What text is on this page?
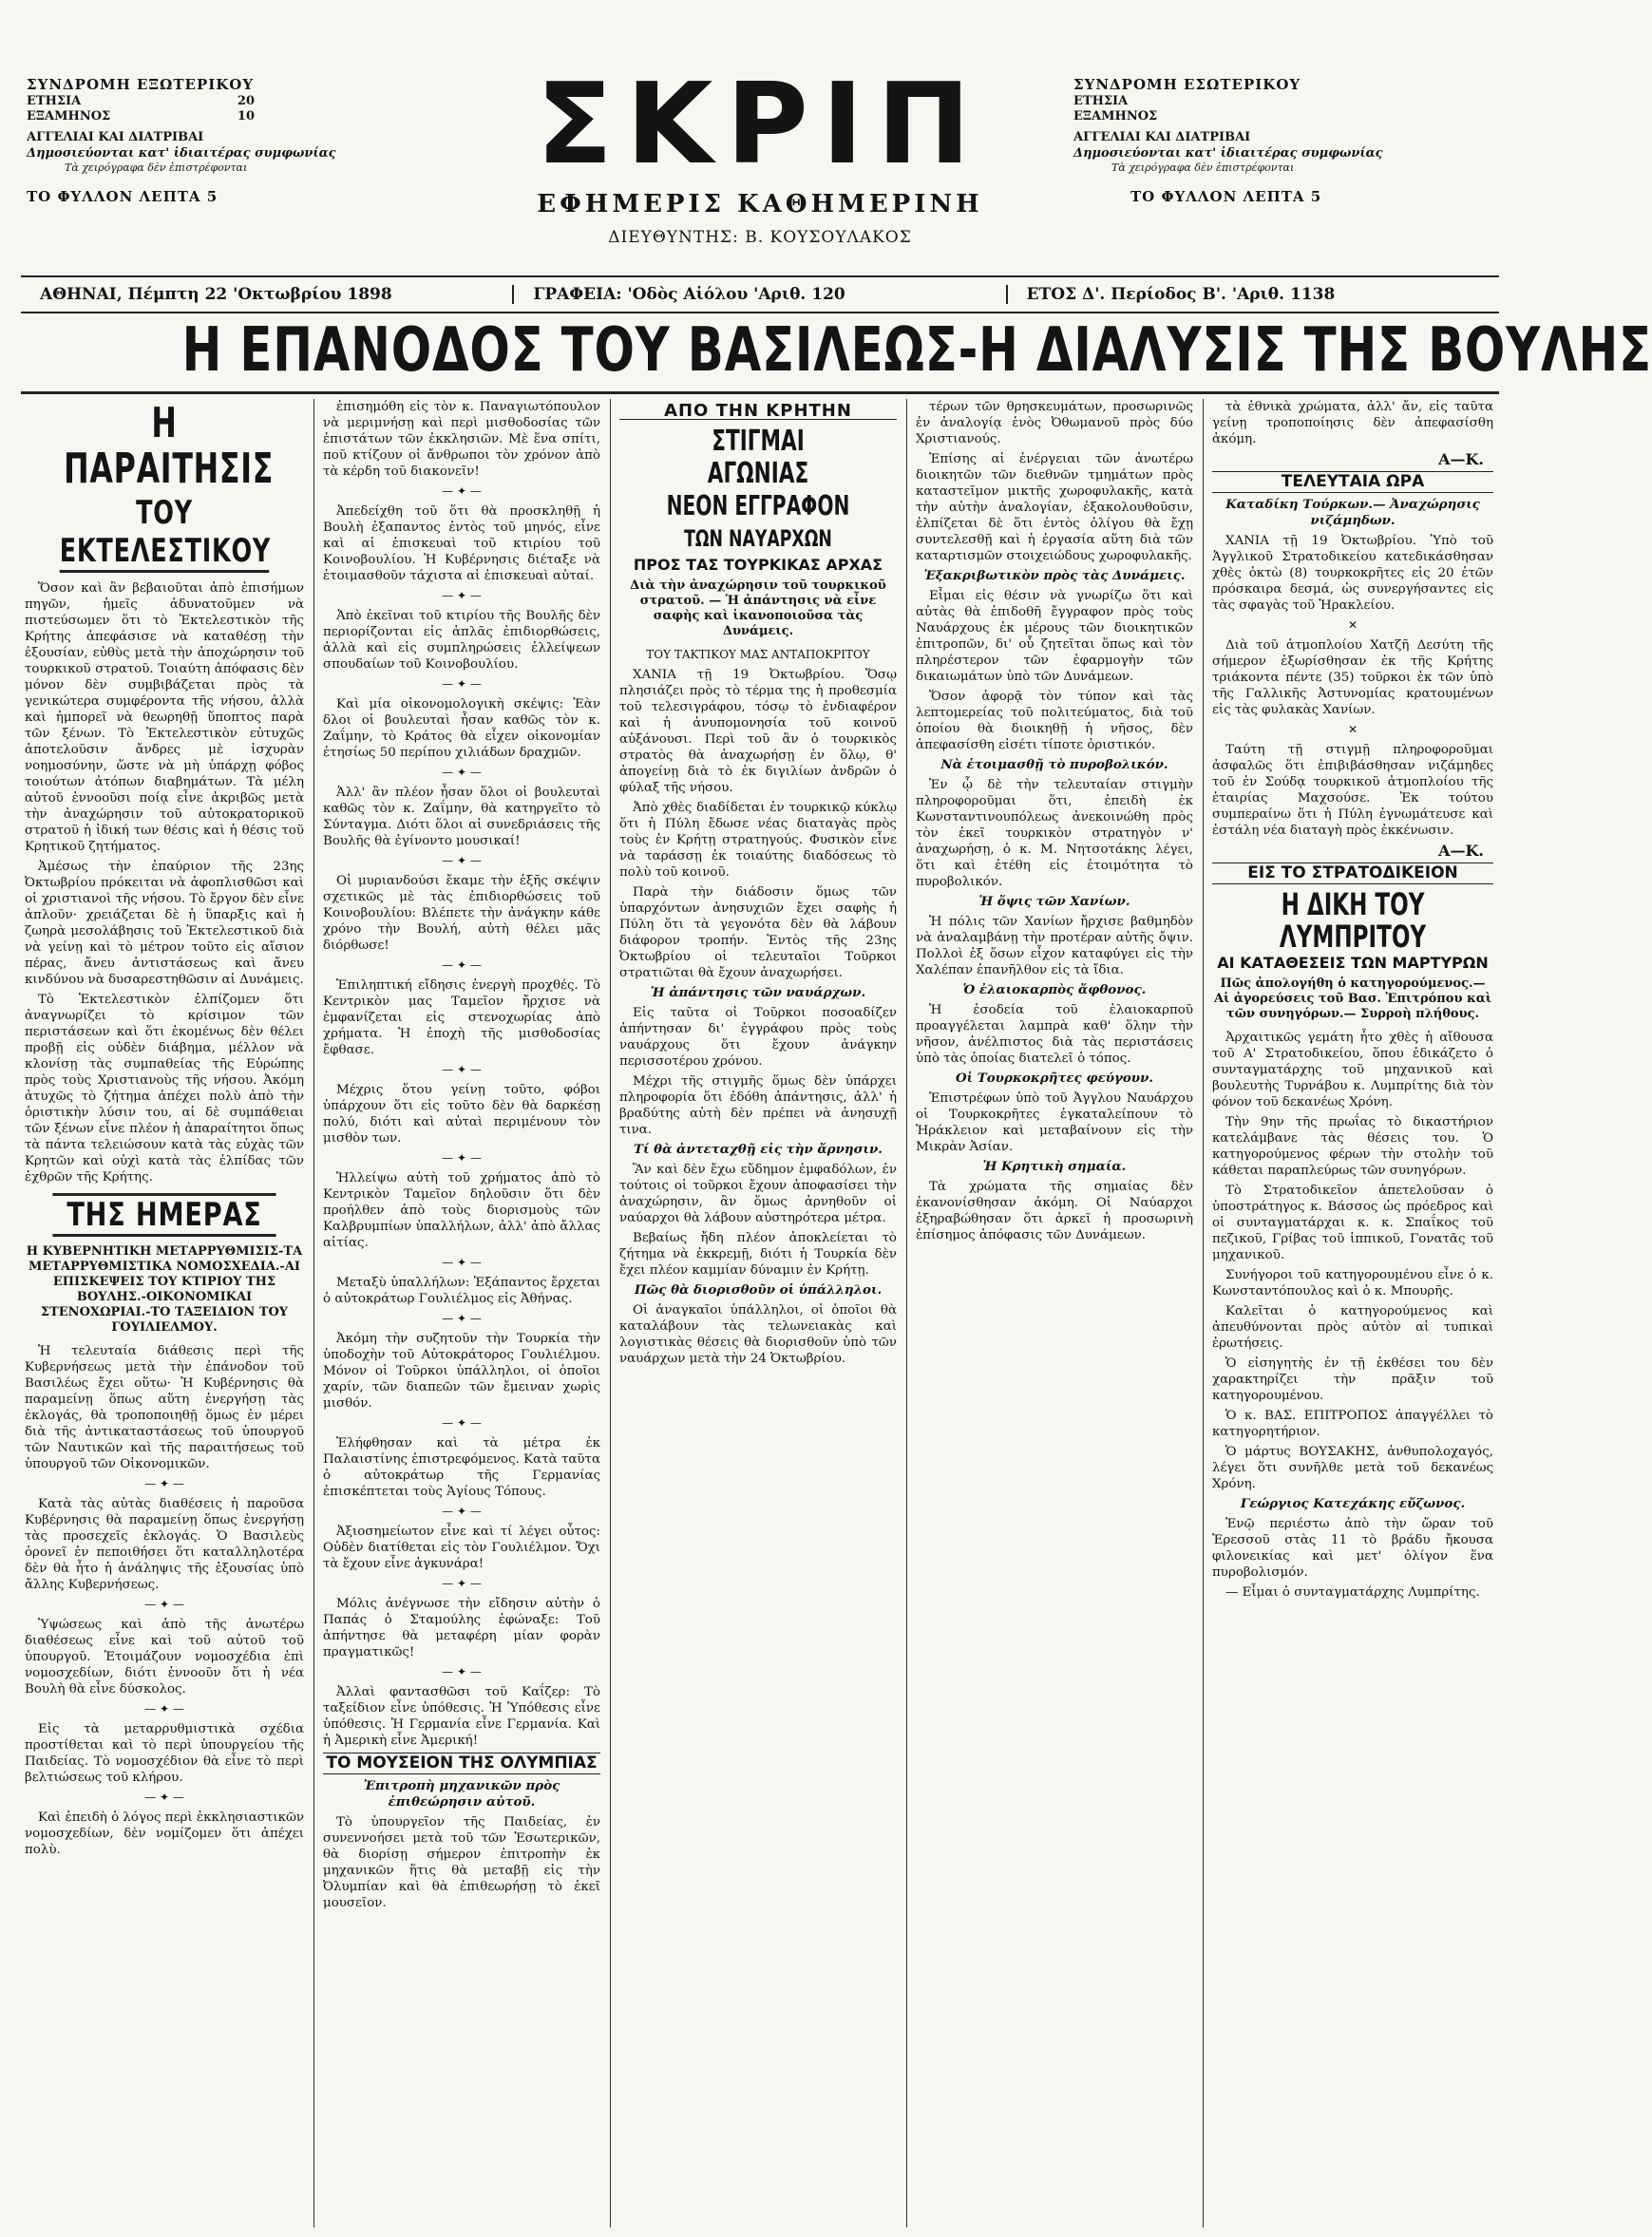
ΣΥΝΔΡΟΜΗ ΕΞΩΤΕΡΙΚΟΥ
ΕΤΗΣΙΑ	20
ΕΞΑΜΗΝΟΣ	10
ΑΓΓΕΛΙΑΙ ΚΑΙ ΔΙΑΤΡΙΒΑΙ
Δημοσιεύονται κατ' ἰδιαιτέρας συμφωνίας
Τὰ χειρόγραφα δὲν ἐπιστρέφονται
ΤΟ ΦΥΛΛΟΝ ΛΕΠΤΑ 5
ΣΥΝΔΡΟΜΗ ΕΣΩΤΕΡΙΚΟΥ
ΕΤΗΣΙΑ
ΕΞΑΜΗΝΟΣ
ΑΓΓΕΛΙΑΙ ΚΑΙ ΔΙΑΤΡΙΒΑΙ
Δημοσιεύονται κατ' ἰδιαιτέρας συμφωνίας
Τὰ χειρόγραφα δὲν ἐπιστρέφονται
ΤΟ ΦΥΛΛΟΝ ΛΕΠΤΑ 5
ΣΚΡΙΠ
ΕΦΗΜΕΡΙΣ ΚΑΘΗΜΕΡΙΝΗ
ΔΙΕΥΘΥΝΤΗΣ: Β. ΚΟΥΣΟΥΛΑΚΟΣ
ΑΘΗΝΑΙ, Πέμπτη 22 'Οκτωβρίου 1898	ΓΡΑΦΕΙΑ: 'Οδὸς Αἰόλου 'Αριθ. 120	ΕΤΟΣ Δ'. Περίοδος Β'. 'Αριθ. 1138
Η ΕΠΑΝΟΔΟΣ ΤΟΥ ΒΑΣΙΛΕΩΣ-Η ΔΙΑΛΥΣΙΣ ΤΗΣ ΒΟΥΛΗΣ
Η ΠΑΡΑΙΤΗΣΙΣ
ΤΟΥ ΕΚΤΕΛΕΣΤΙΚΟΥ

Ὅσον καὶ ἂν βεβαιοῦται ἀπὸ ἐπισήμων πηγῶν, ἡμεῖς ἀδυνατοῦμεν νὰ πιστεύσωμεν ὅτι τὸ Ἐκτελεστικὸν τῆς Κρήτης ἀπεφάσισε νὰ καταθέσῃ τὴν ἐξουσίαν, εὐθὺς μετὰ τὴν ἀποχώρησιν τοῦ τουρκικοῦ στρατοῦ. Τοιαύτη ἀπόφασις δὲν μόνον δὲν συμβιβάζεται πρὸς τὰ γενικώτερα συμφέροντα τῆς νήσου, ἀλλὰ καὶ ἠμπορεῖ νὰ θεωρηθῇ ὕποπτος παρὰ τῶν ξένων. Τὸ Ἐκτελεστικὸν εὐτυχῶς ἀποτελοῦσιν ἄνδρες μὲ ἰσχυρὰν νοημοσύνην, ὥστε νὰ μὴ ὑπάρχῃ φόβος τοιούτων ἀτόπων διαβημάτων. Τὰ μέλη αὐτοῦ ἐννοοῦσι ποίᾳ εἶνε ἀκριβῶς μετὰ τὴν ἀναχώρησιν τοῦ αὐτοκρατορικοῦ στρατοῦ ἡ ἰδική των θέσις καὶ ἡ θέσις τοῦ Κρητικοῦ ζητήματος.

Ἀμέσως τὴν ἐπαύριον τῆς 23ης Ὀκτωβρίου πρόκειται νὰ ἀφοπλισθῶσι καὶ οἱ χριστιανοὶ τῆς νήσου. Τὸ ἔργον δὲν εἶνε ἁπλοῦν· χρειάζεται δὲ ἡ ὕπαρξις καὶ ἡ ζωηρὰ μεσολάβησις τοῦ Ἐκτελεστικοῦ διὰ νὰ γείνῃ καὶ τὸ μέτρον τοῦτο εἰς αἴσιον πέρας, ἄνευ ἀντιστάσεως καὶ ἄνευ κινδύνου νὰ δυσαρεστηθῶσιν αἱ Δυνάμεις.

Τὸ Ἐκτελεστικὸν ἐλπίζομεν ὅτι ἀναγνωρίζει τὸ κρίσιμον τῶν περιστάσεων καὶ ὅτι ἐκομένως δὲν θέλει προβῇ εἰς οὐδὲν διάβημα, μέλλον νὰ κλονίσῃ τὰς συμπαθείας τῆς Εὐρώπης πρὸς τοὺς Χριστιανοὺς τῆς νήσου. Ἀκόμη ἀτυχῶς τὸ ζήτημα ἀπέχει πολὺ ἀπὸ τὴν ὁριστικὴν λύσιν του, αἱ δὲ συμπάθειαι τῶν ξένων εἶνε πλέον ἡ ἀπαραίτητοι ὅπως τὰ πάντα τελειώσουν κατὰ τὰς εὐχὰς τῶν Κρητῶν καὶ οὐχὶ κατὰ τὰς ἐλπίδας τῶν ἐχθρῶν τῆς Κρήτης.

ΤΗΣ ΗΜΕΡΑΣ
Η ΚΥΒΕΡΝΗΤΙΚΗ ΜΕΤΑΡΡΥΘΜΙΣΙΣ-ΤΑ ΜΕΤΑΡΡΥΘΜΙΣΤΙΚΑ ΝΟΜΟΣΧΕΔΙΑ.-ΑΙ ΕΠΙΣΚΕΨΕΙΣ ΤΟΥ ΚΤΙΡΙΟΥ ΤΗΣ ΒΟΥΛΗΣ.-ΟΙΚΟΝΟΜΙΚΑΙ ΣΤΕΝΟΧΩΡΙΑΙ.-ΤΟ ΤΑΞΕΙΔΙΟΝ ΤΟΥ ΓΟΥΙΛΙΕΛΜΟΥ.

Ἠ τελευταία διάθεσις περὶ τῆς Κυβερνήσεως μετὰ τὴν ἐπάνοδον τοῦ Βασιλέως ἔχει οὕτω· Ἡ Κυβέρνησις θὰ παραμείνῃ ὅπως αὕτη ἐνεργήσῃ τὰς ἐκλογάς, θὰ τροποποιηθῇ ὅμως ἐν μέρει διὰ τῆς ἀντικαταστάσεως τοῦ ὑπουργοῦ τῶν Ναυτικῶν καὶ τῆς παραιτήσεως τοῦ ὑπουργοῦ τῶν Οἰκονομικῶν.

— ✦ —

Κατὰ τὰς αὐτὰς διαθέσεις ἡ παροῦσα Κυβέρνησις θὰ παραμείνῃ ὅπως ἐνεργήσῃ τὰς προσεχεῖς ἐκλογάς. Ὁ Βασιλεὺς ὁρονεῖ ἐν πεποιθήσει ὅτι καταλληλοτέρα δὲν θὰ ἦτο ἡ ἀνάληψις τῆς ἐξουσίας ὑπὸ ἄλλης Κυβερνήσεως.

— ✦ —

Ὑψώσεως καὶ ἀπὸ τῆς ἀνωτέρω διαθέσεως εἶνε καὶ τοῦ αὐτοῦ τοῦ ὑπουργοῦ. Ἐτοιμάζουν νομοσχέδια ἐπὶ νομοσχεδίων, διότι ἐννοοῦν ὅτι ἡ νέα Βουλὴ θὰ εἶνε δύσκολος.

— ✦ —

Εἰς τὰ μεταρρυθμιστικὰ σχέδια προστίθεται καὶ τὸ περὶ ὑπουργείου τῆς Παιδείας. Τὸ νομοσχέδιον θὰ εἶνε τὸ περὶ βελτιώσεως τοῦ κλήρου.

— ✦ —

Καὶ ἐπειδὴ ὁ λόγος περὶ ἐκκλησιαστικῶν νομοσχεδίων, δὲν νομίζομεν ὅτι ἀπέχει πολὺ.

ἐπισημόθη εἰς τὸν κ. Παναγιωτόπουλον νὰ μεριμνήσῃ καὶ περὶ μισθοδοσίας τῶν ἐπιστάτων τῶν ἐκκλησιῶν. Μὲ ἕνα σπίτι, ποῦ κτίζουν οἱ ἄνθρωποι τὸν χρόνον ἀπὸ τὰ κέρδη τοῦ διακονεῖν!

— ✦ —

Ἀπεδείχθη τοῦ ὅτι θὰ προσκληθῇ ἡ Βουλὴ ἐξαπαντος ἐντὸς τοῦ μηνός, εἶνε καὶ αἱ ἐπισκευαὶ τοῦ κτιρίου τοῦ Κοινοβουλίου. Ἡ Κυβέρνησις διέταξε νὰ ἑτοιμασθοῦν τάχιστα αἱ ἐπισκευαὶ αὐταί.

— ✦ —

Ἀπὸ ἐκεῖναι τοῦ κτιρίου τῆς Βουλῆς δὲν περιορίζονται εἰς ἁπλᾶς ἐπιδιορθώσεις, ἀλλὰ καὶ εἰς συμπληρώσεις ἐλλείψεων σπουδαίων τοῦ Κοινοβουλίου.

— ✦ —

Καὶ μία οἰκονομολογικὴ σκέψις: Ἐὰν δλοι οἱ βουλευταὶ ἦσαν καθῶς τὸν κ. Ζαΐμην, τὸ Κράτος θὰ εἶχεν οἰκονομίαν ἐτησίως 50 περίπου χιλιάδων δραχμῶν.

— ✦ —

Ἀλλ' ἂν πλέον ἦσαν ὅλοι οἱ βουλευταὶ καθῶς τὸν κ. Ζαΐμην, θὰ κατηργεῖτο τὸ Σύνταγμα. Διότι ὅλοι αἱ συνεδριάσεις τῆς Βουλῆς θὰ ἐγίνοντο μουσικαί!

— ✦ —

Οἱ μυριανδούσι ἔκαμε τὴν ἐξῆς σκέψιν σχετικῶς μὲ τὰς ἐπιδιορθώσεις τοῦ Κοινοβουλίου: Βλέπετε τὴν ἀνάγκην κάθε χρόνο τὴν Βουλή, αὐτὴ θέλει μᾶς διόρθωσε!

— ✦ —

Ἐπιληπτική εἴδησις ἐνεργὴ προχθές. Τὸ Κεντρικὸν μας Ταμεῖον ἤρχισε νὰ ἐμφανίζεται εἰς στενοχωρίας ἀπὸ χρήματα. Ἡ ἐποχὴ τῆς μισθοδοσίας ἔφθασε.

— ✦ —

Μέχρις ὅτου γείνῃ τοῦτο, φόβοι ὑπάρχουν ὅτι εἰς τοῦτο δὲν θὰ δαρκέσῃ πολύ, διότι καὶ αὐταὶ περιμένουν τὸν μισθὸν των.

— ✦ —

Ἠλλείψω αὐτὴ τοῦ χρήματος ἀπὸ τὸ Κεντρικὸν Ταμεῖον δηλοῦσιν ὅτι δὲν προήλθεν ἀπὸ τοὺς διορισμοὺς τῶν Καλβρυμπίων ὑπαλλήλων, ἀλλ' ἀπὸ ἄλλας αἰτίας.

— ✦ —

Μεταξὺ ὑπαλλήλων: Ἐξάπαντος ἔρχεται ὁ αὐτοκράτωρ Γουλιέλμος εἰς Ἀθήνας.

— ✦ —

Ἀκόμη τὴν συζητοῦν τὴν Τουρκία τὴν ὑποδοχὴν τοῦ Αὐτοκράτορος Γουλιέλμου. Μόνον οἱ Τοῦρκοι ὑπάλληλοι, οἱ ὁποῖοι χαρίν, τῶν διαπεῶν τῶν ἔμειναν χωρὶς μισθόν.

— ✦ —

Ἐλήφθησαν καὶ τὰ μέτρα ἐκ Παλαιστίνης ἐπιστρεφόμενος. Κατὰ ταῦτα ὁ αὐτοκράτωρ τῆς Γερμανίας ἐπισκέπτεται τοὺς Ἁγίους Τόπους.

— ✦ —

Ἀξιοσημείωτον εἶνε καὶ τί λέγει οὗτος: Οὐδὲν διατίθεται εἰς τὸν Γουλιέλμον. Ὄχι τὰ ἔχουν εἶνε ἀγκυνάρα!

— ✦ —

Μόλις ἀνέγνωσε τὴν εἴδησιν αὐτὴν ὁ Παπάς ὁ Σταμούλης ἐφώναξε: Τοῦ ἀπήντησε θὰ μεταφέρη μίαν φορὰν πραγματικῶς!

— ✦ —

Ἀλλαὶ φαντασθῶσι τοῦ Καΐζερ: Τὸ ταξείδιον εἶνε ὑπόθεσις. Ἡ Ὑπόθεσις εἶνε ὑπόθεσις. Ἡ Γερμανία εἶνε Γερμανία. Καὶ ἡ Ἀμερικὴ εἶνε Ἀμερική!

ΤΟ ΜΟΥΣΕΙΟΝ ΤΗΣ ΟΛΥΜΠΙΑΣ
Ἐπιτροπὴ μηχανικῶν πρὸς ἐπιθεώρησιν αὐτοῦ.

Τὸ ὑπουργεῖον τῆς Παιδείας, ἐν συνεννοήσει μετὰ τοῦ τῶν Ἐσωτερικῶν, θὰ διορίσῃ σήμερον ἐπιτροπὴν ἐκ μηχανικῶν ἥτις θὰ μεταβῇ εἰς τὴν Ὀλυμπίαν καὶ θὰ ἐπιθεωρήσῃ τὸ ἐκεῖ μουσεῖον.

ΑΠΟ ΤΗΝ ΚΡΗΤΗΝ
ΣΤΙΓΜΑΙ ΑΓΩΝΙΑΣ
ΝΕΟΝ ΕΓΓΡΑΦΟΝ
ΤΩΝ ΝΑΥΑΡΧΩΝ
ΠΡΟΣ ΤΑΣ ΤΟΥΡΚΙΚΑΣ ΑΡΧΑΣ
Διὰ τὴν ἀναχώρησιν τοῦ τουρκικοῦ στρατοῦ. — Ἡ ἀπάντησις νὰ εἶνε σαφὴς καὶ ἱκανοποιοῦσα τὰς Δυνάμεις.
ΤΟΥ ΤΑΚΤΙΚΟΥ ΜΑΣ ΑΝΤΑΠΟΚΡΙΤΟΥ

ΧΑΝΙΑ τῇ 19 Ὀκτωβρίου. Ὅσῳ πλησιάζει πρὸς τὸ τέρμα της ἡ προθεσμία τοῦ τελεσιγράφου, τόσῳ τὸ ἐνδιαφέρον καὶ ἡ ἀνυπομονησία τοῦ κοινοῦ αὐξάνουσι. Περὶ τοῦ ἂν ὁ τουρκικὸς στρατὸς θὰ ἀναχωρήσῃ ἐν ὅλῳ, θ' ἀπογείνῃ διὰ τὸ ἐκ διγιλίων ἀνδρῶν ὁ φύλαξ τῆς νήσου.

Ἀπὸ χθὲς διαδίδεται ἐν τουρκικῷ κύκλῳ ὅτι ἡ Πύλη ἔδωσε νέας διαταγὰς πρὸς τοὺς ἐν Κρήτῃ στρατηγούς. Φυσικὸν εἶνε νὰ ταράσσῃ ἐκ τοιαύτης διαδόσεως τὸ πολὺ τοῦ κοινοῦ.

Παρὰ τὴν διάδοσιν ὅμως τῶν ὑπαρχόντων ἀνησυχιῶν ἔχει σαφὴς ἡ Πύλη ὅτι τὰ γεγονότα δὲν θὰ λάβουν διάφορον τροπήν. Ἐντὸς τῆς 23ης Ὀκτωβρίου οἱ τελευταῖοι Τοῦρκοι στρατιῶται θὰ ἔχουν ἀναχωρήσει.

Ἡ ἀπάντησις τῶν ναυάρχων.

Εἰς ταῦτα οἱ Τοῦρκοι ποσοαδίζεν ἀπήντησαν δι' ἐγγράφου πρὸς τοὺς ναυάρχους ὅτι ἔχουν ἀνάγκην περισσοτέρου χρόνου.

Μέχρι τῆς στιγμῆς ὅμως δὲν ὑπάρχει πληροφορία ὅτι ἐδόθη ἀπάντησις, ἀλλ' ἡ βραδύτης αὐτὴ δὲν πρέπει νὰ ἀνησυχῇ τινα.

Τί θὰ ἀντεταχθῇ εἰς τὴν ἄρνησιν.

Ἂν καὶ δὲν ἔχω εὔδημον ἐμφαδόλων, ἐν τούτοις οἱ τοῦρκοι ἔχουν ἀποφασίσει τὴν ἀναχώρησιν, ἂν ὅμως ἀρνηθοῦν οἱ ναύαρχοι θὰ λάβουν αὐστηρότερα μέτρα.

Βεβαίως ἤδη πλέον ἀποκλείεται τὸ ζήτημα νὰ ἐκκρεμῇ, διότι ἡ Τουρκία δὲν ἔχει πλέον καμμίαν δύναμιν ἐν Κρήτῃ.

Πῶς θὰ διορισθοῦν οἱ ὑπάλληλοι.

Οἱ ἀναγκαῖοι ὑπάλληλοι, οἱ ὁποῖοι θὰ καταλάβουν τὰς τελωνειακὰς καὶ λογιστικὰς θέσεις θὰ διορισθοῦν ὑπὸ τῶν ναυάρχων μετὰ τὴν 24 Ὀκτωβρίου.

τέρων τῶν θρησκευμάτων, προσωρινῶς ἐν ἀναλογίᾳ ἑνὸς Ὀθωμανοῦ πρὸς δύο Χριστιανούς.

Ἐπίσης αἱ ἐνέργειαι τῶν ἀνωτέρω διοικητῶν τῶν διεθνῶν τμημάτων πρὸς καταστεῖμον μικτῆς χωροφυλακῆς, κατὰ τὴν αὐτὴν ἀναλογίαν, ἐξακολουθοῦσιν, ἐλπίζεται δὲ ὅτι ἐντὸς ὀλίγου θὰ ἔχῃ συντελεσθῇ καὶ ἡ ἐργασία αὕτη διὰ τῶν καταρτισμῶν στοιχειώδους χωροφυλακῆς.

Ἐξακριβωτικὸν πρὸς τὰς Δυνάμεις.

Εἶμαι εἰς θέσιν νὰ γνωρίζω ὅτι καὶ αὐτὰς θὰ ἐπιδοθῆ ἔγγραφον πρὸς τοὺς Ναυάρχους ἐκ μέρους τῶν διοικητικῶν ἐπιτροπῶν, δι' οὗ ζητεῖται ὅπως καὶ τὸν πληρέστερον τῶν ἐφαρμογὴν τῶν δικαιωμάτων ὑπὸ τῶν Δυνάμεων.

Ὅσον ἀφορᾷ τὸν τύπον καὶ τὰς λεπτομερείας τοῦ πολιτεύματος, διὰ τοῦ ὁποίου θὰ διοικηθῇ ἡ νῆσος, δὲν ἀπεφασίσθη εἰσέτι τίποτε ὁριστικόν.

Νὰ ἑτοιμασθῇ τὸ πυροβολικόν.

Ἐν ᾧ δὲ τὴν τελευταίαν στιγμὴν πληροφοροῦμαι ὅτι, ἐπειδὴ ἐκ Κωνσταντινουπόλεως ἀνεκοινώθη πρὸς τὸν ἐκεῖ τουρκικὸν στρατηγὸν ν' ἀναχωρήσῃ, ὁ κ. Μ. Νητσοτάκης λέγει, ὅτι καὶ ἐτέθη εἰς ἑτοιμότητα τὸ πυροβολικόν.

Ἡ ὄψις τῶν Χανίων.

Ἡ πόλις τῶν Χανίων ἤρχισε βαθμηδὸν νὰ ἀναλαμβάνῃ τὴν προτέραν αὐτῆς ὄψιν. Πολλοὶ ἐξ ὅσων εἶχον καταφύγει εἰς τὴν Χαλέπαν ἐπανῆλθον εἰς τὰ ἴδια.

Ὁ ἐλαιοκαρπὸς ἄφθονος.

Ἡ ἐσοδεία τοῦ ἐλαιοκαρποῦ προαγγέλεται λαμπρὰ καθ' ὅλην τὴν νῆσον, ἀνέλπιστος διὰ τὰς περιστάσεις ὑπὸ τὰς ὁποίας διατελεῖ ὁ τόπος.

Οἱ Τουρκοκρῆτες φεύγουν.

Ἐπιστρέφων ὑπὸ τοῦ Ἀγγλου Ναυάρχου οἱ Τουρκοκρῆτες ἐγκαταλείπουν τὸ Ἡράκλειον καὶ μεταβαίνουν εἰς τὴν Μικρὰν Ἀσίαν.

Ἡ Κρητικὴ σημαία.

Τὰ χρώματα τῆς σημαίας δὲν ἐκανονίσθησαν ἀκόμη. Οἱ Ναύαρχοι ἐξηραβώθησαν ὅτι ἀρκεῖ ἡ προσωρινὴ ἐπίσημος ἀπόφασις τῶν Δυνάμεων.

τὰ ἐθνικὰ χρώματα, ἀλλ' ἄν, εἰς ταῦτα γείνῃ τροποποίησις δὲν ἀπεφασίσθη ἀκόμη.

Α—Κ.
ΤΕΛΕΥΤΑΙΑ ΩΡΑ
Καταδίκη Τούρκων.— Ἀναχώρησις νιζάμηδων.

ΧΑΝΙΑ τῇ 19 Ὀκτωβρίου. Ὑπὸ τοῦ Ἀγγλικοῦ Στρατοδικείου κατεδικάσθησαν χθὲς ὀκτὼ (8) τουρκοκρῆτες εἰς 20 ἐτῶν πρόσκαιρα δεσμά, ὡς συνεργήσαντες εἰς τὰς σφαγὰς τοῦ Ἡρακλείου.

✕

Διὰ τοῦ ἀτμοπλοίου Χατζῆ Δεσύτη τῆς σήμερον ἐξωρίσθησαν ἐκ τῆς Κρήτης τριάκοντα πέντε (35) τοῦρκοι ἐκ τῶν ὑπὸ τῆς Γαλλικῆς Ἀστυνομίας κρατουμένων εἰς τὰς φυλακὰς Χανίων.

✕

Ταύτη τῇ στιγμῇ πληροφοροῦμαι ἀσφαλῶς ὅτι ἐπιβιβάσθησαν νιζάμηδες τοῦ ἐν Σούδᾳ τουρκικοῦ ἀτμοπλοίου τῆς ἑταιρίας Μαχσούσε. Ἐκ τούτου συμπεραίνω ὅτι ἡ Πύλη ἐγνωμάτευσε καὶ ἐστάλη νέα διαταγὴ πρὸς ἐκκένωσιν.

Α—Κ.
ΕΙΣ ΤΟ ΣΤΡΑΤΟΔΙΚΕΙΟΝ
Η ΔΙΚΗ ΤΟΥ ΛΥΜΠΡΙΤΟΥ
ΑΙ ΚΑΤΑΘΕΣΕΙΣ ΤΩΝ ΜΑΡΤΥΡΩΝ
Πῶς ἀπολογήθη ὁ κατηγορούμενος.— Αἱ ἀγορεύσεις τοῦ Βασ. Ἐπιτρόπου καὶ τῶν συνηγόρων.— Συρροὴ πλήθους.

Ἀρχαιτικῶς γεμάτη ἦτο χθὲς ἡ αἴθουσα τοῦ Α' Στρατοδικείου, ὅπου ἐδικάζετο ὁ συνταγματάρχης τοῦ μηχανικοῦ καὶ βουλευτὴς Τυρνάβου κ. Λυμπρίτης διὰ τὸν φόνον τοῦ δεκανέως Χρόνη.

Τὴν 9ην τῆς πρωΐας τὸ δικαστήριον κατελάμβανε τὰς θέσεις του. Ὁ κατηγορούμενος φέρων τὴν στολὴν τοῦ κάθεται παραπλεύρως τῶν συνηγόρων.

Τὸ Στρατοδικεῖον ἀπετελοῦσαν ὁ ὑποστράτηγος κ. Βάσσος ὡς πρόεδρος καὶ οἱ συνταγματάρχαι κ. κ. Σπαΐκος τοῦ πεζικοῦ, Γρίβας τοῦ ἱππικοῦ, Γονατᾶς τοῦ μηχανικοῦ.

Συνήγοροι τοῦ κατηγορουμένου εἶνε ὁ κ. Κωνσταντόπουλος καὶ ὁ κ. Μπουρῆς.

Καλεῖται ὁ κατηγορούμενος καὶ ἀπευθύνονται πρὸς αὐτὸν αἱ τυπικαὶ ἐρωτήσεις.

Ὁ εἰσηγητὴς ἐν τῇ ἐκθέσει του δὲν χαρακτηρίζει τὴν πρᾶξιν τοῦ κατηγορουμένου.

Ὁ κ. ΒΑΣ. ΕΠΙΤΡΟΠΟΣ ἀπαγγέλλει τὸ κατηγορητήριον.

Ὁ μάρτυς ΒΟΥΣΑΚΗΣ, ἀνθυπολοχαγός, λέγει ὅτι συνῆλθε μετὰ τοῦ δεκανέως Χρόνη.

Γεώργιος Κατεχάκης εὔζωνος.

Ἐνῷ περιέστω ἀπὸ τὴν ὥραν τοῦ Ἐρεσσοῦ στὰς 11 τὸ βράδυ ἤκουσα φιλονεικίας καὶ μετ' ὀλίγον ἕνα πυροβολισμόν.

— Εἶμαι ὁ συνταγματάρχης Λυμπρίτης.
